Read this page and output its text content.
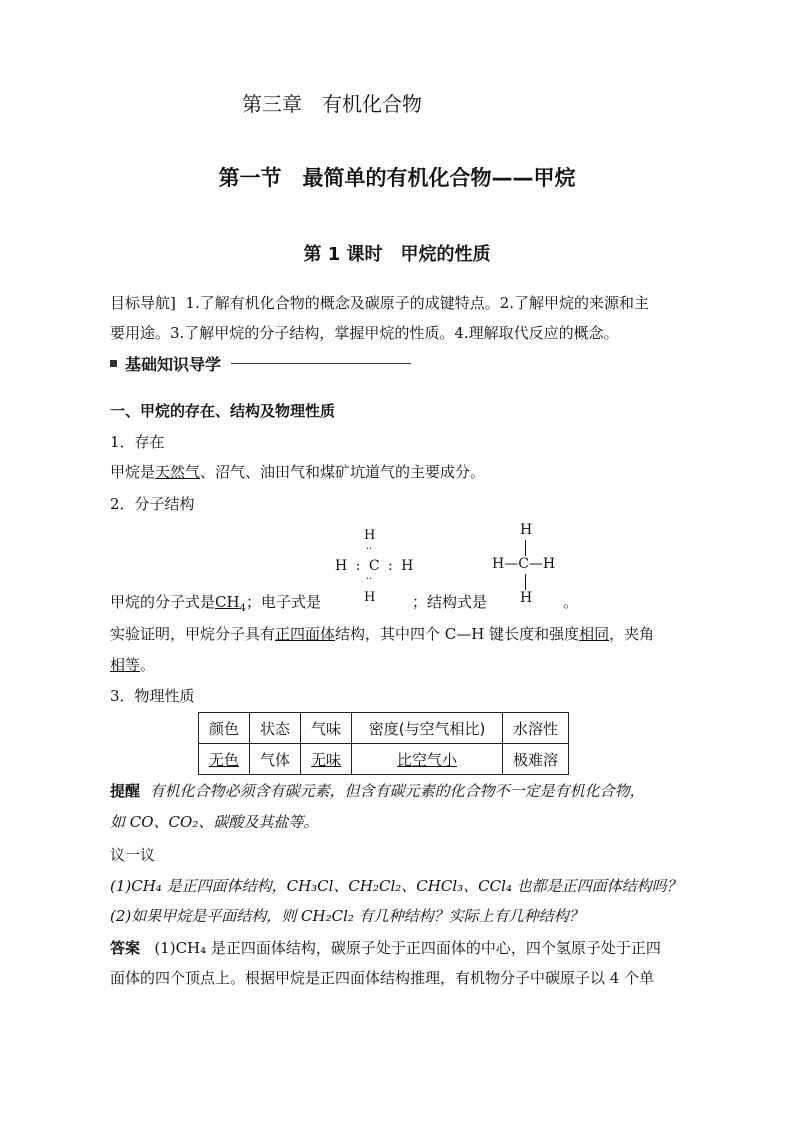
第三章　有机化合物
第一节　最简单的有机化合物——甲烷
第 1 课时　甲烷的性质
目标导航] 1.了解有机化合物的概念及碳原子的成键特点。2.了解甲烷的来源和主
要用途。3.了解甲烷的分子结构，掌握甲烷的性质。4.理解取代反应的概念。
基础知识导学
一、甲烷的存在、结构及物理性质
1．存在
甲烷是天然气、沼气、油田气和煤矿坑道气的主要成分。
2．分子结构
H
··
H : C : H
··
H
H
H—C—H
H
甲烷的分子式是$CH_4$；电子式是	；结构式是	。
实验证明，甲烷分子具有正四面体结构，其中四个 C—H 键长度和强度相同，夹角
相等。
3．物理性质
颜色	状态	气味	密度(与空气相比)	水溶性
无色	气体	无味	比空气小	极难溶
提醒 有机化合物必须含有碳元素，但含有碳元素的化合物不一定是有机化合物，
如 CO、CO₂、碳酸及其盐等。
议一议
(1)CH₄ 是正四面体结构，CH₃Cl、CH₂Cl₂、CHCl₃、CCl₄ 也都是正四面体结构吗？
(2)如果甲烷是平面结构，则 CH₂Cl₂ 有几种结构？实际上有几种结构？
答案 (1)CH₄ 是正四面体结构，碳原子处于正四面体的中心，四个氢原子处于正四
面体的四个顶点上。根据甲烷是正四面体结构推理，有机物分子中碳原子以 4 个单
